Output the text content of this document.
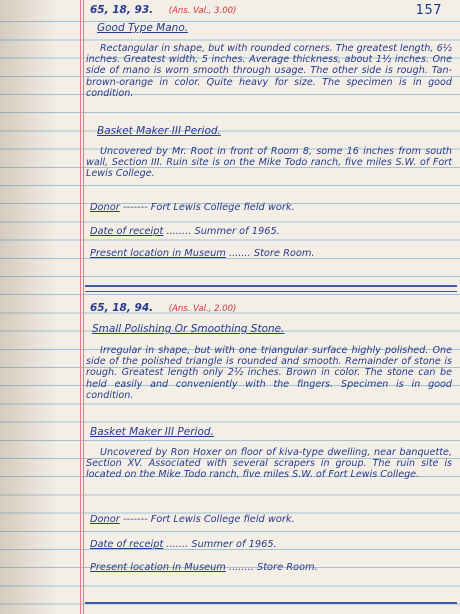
157
65, 18, 93. (Ans. Val., 3.00)
Good Type Mano.
Rectangular in shape, but with rounded corners. The greatest length, 6½ inches. Greatest width, 5 inches. Average thickness, about 1½ inches. One side of mano is worn smooth through usage. The other side is rough. Tan-brown-orange in color. Quite heavy for size. The specimen is in good condition.
Basket Maker III Period.
Uncovered by Mr. Root in front of Room 8, some 16 inches from south wall, Section III. Ruin site is on the Mike Todo ranch, five miles S.W. of Fort Lewis College.
Donor ------- Fort Lewis College field work.
Date of receipt ........ Summer of 1965.
Present location in Museum ....... Store Room.
65, 18, 94. (Ans. Val., 2.00)
Small Polishing Or Smoothing Stone.
Irregular in shape, but with one triangular surface highly polished. One side of the polished triangle is rounded and smooth. Remainder of stone is rough. Greatest length only 2½ inches. Brown in color. The stone can be held easily and conveniently with the fingers. Specimen is in good condition.
Basket Maker III Period.
Uncovered by Ron Hoxer on floor of kiva-type dwelling, near banquette, Section XV. Associated with several scrapers in group. The ruin site is located on the Mike Todo ranch, five miles S.W. of Fort Lewis College.
Donor ------- Fort Lewis College field work.
Date of receipt ....... Summer of 1965.
Present location in Museum ........ Store Room.
